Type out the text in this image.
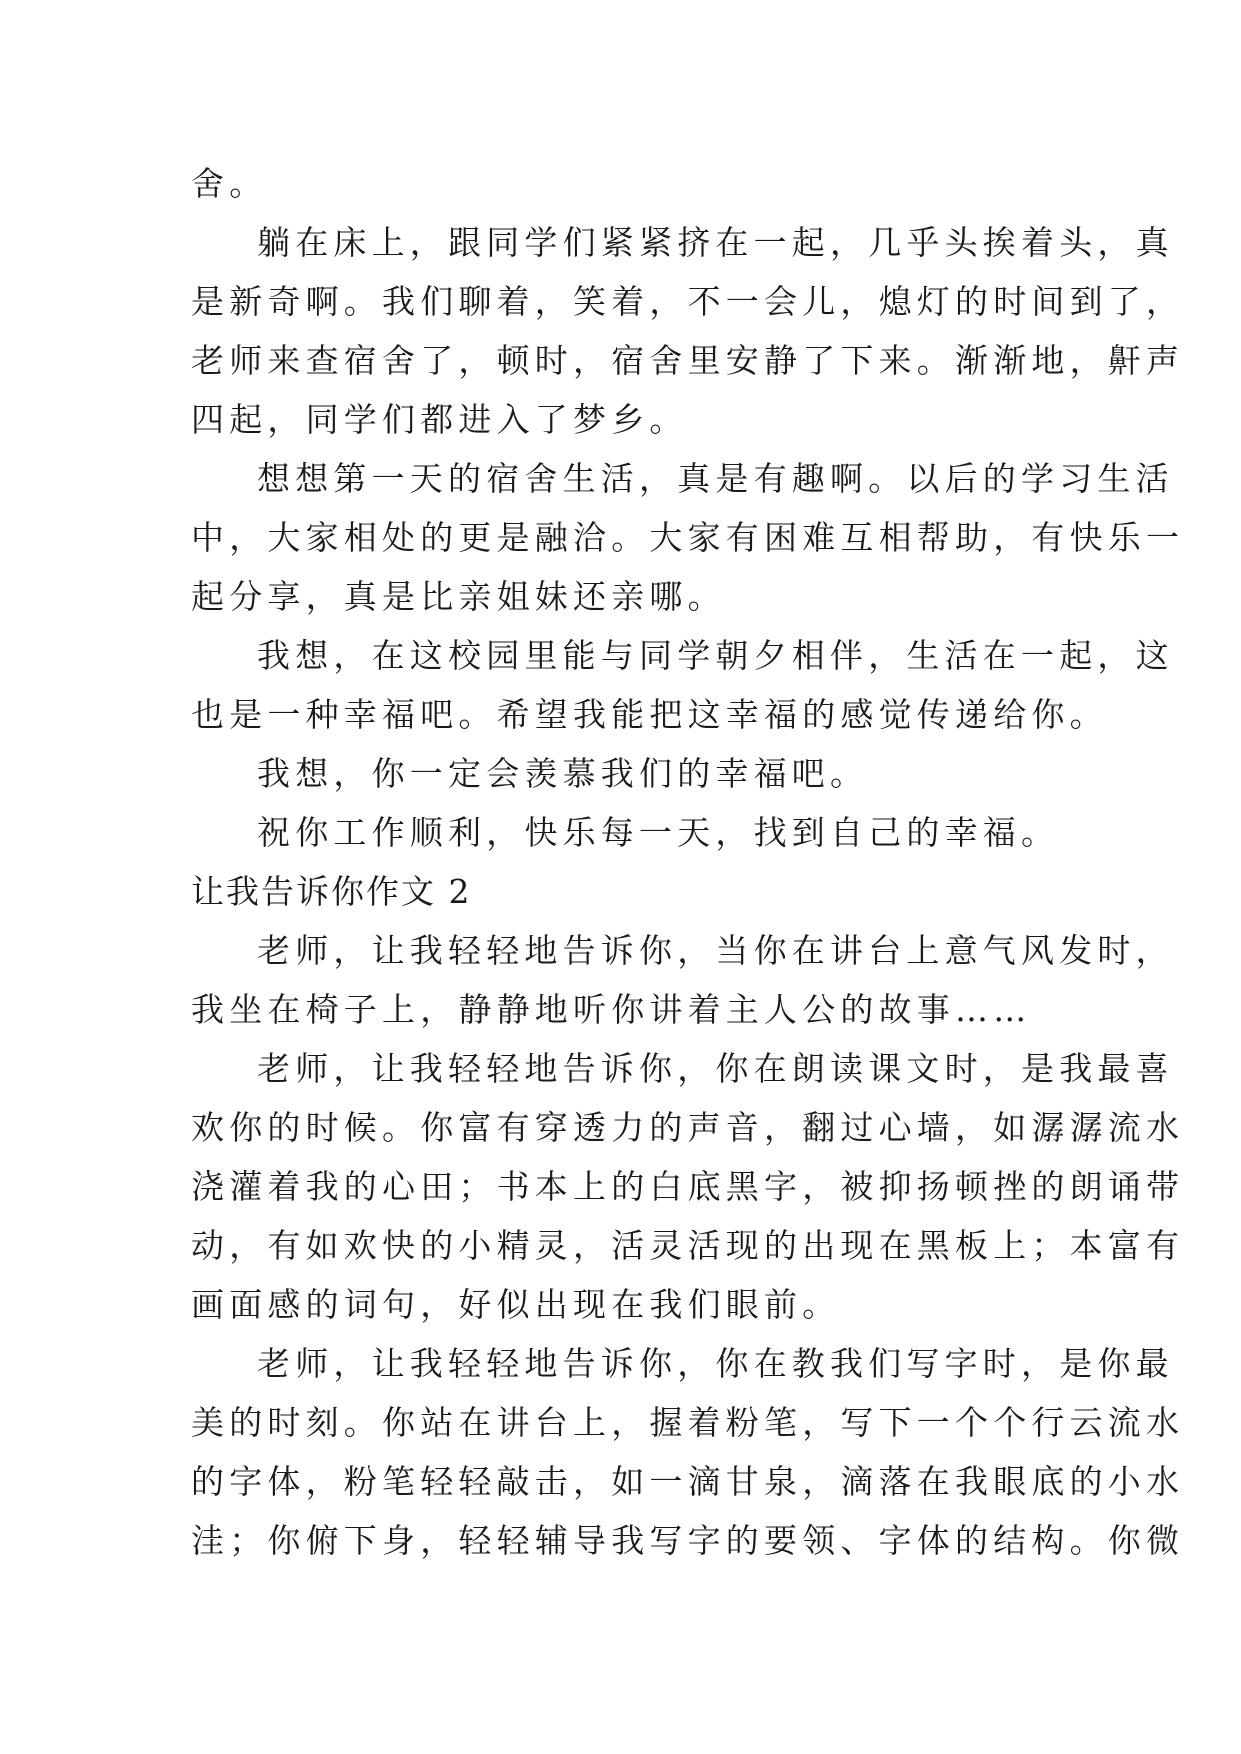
舍。
躺在床上，跟同学们紧紧挤在一起，几乎头挨着头，真
是新奇啊。我们聊着，笑着，不一会儿，熄灯的时间到了，
老师来查宿舍了，顿时，宿舍里安静了下来。渐渐地，鼾声
四起，同学们都进入了梦乡。
想想第一天的宿舍生活，真是有趣啊。以后的学习生活
中，大家相处的更是融洽。大家有困难互相帮助，有快乐一
起分享，真是比亲姐妹还亲哪。
我想，在这校园里能与同学朝夕相伴，生活在一起，这
也是一种幸福吧。希望我能把这幸福的感觉传递给你。
我想，你一定会羡慕我们的幸福吧。
祝你工作顺利，快乐每一天，找到自己的幸福。
让我告诉你作文 2
老师，让我轻轻地告诉你，当你在讲台上意气风发时，
我坐在椅子上，静静地听你讲着主人公的故事……
老师，让我轻轻地告诉你，你在朗读课文时，是我最喜
欢你的时候。你富有穿透力的声音，翻过心墙，如潺潺流水
浇灌着我的心田；书本上的白底黑字，被抑扬顿挫的朗诵带
动，有如欢快的小精灵，活灵活现的出现在黑板上；本富有
画面感的词句，好似出现在我们眼前。
老师，让我轻轻地告诉你，你在教我们写字时，是你最
美的时刻。你站在讲台上，握着粉笔，写下一个个行云流水
的字体，粉笔轻轻敲击，如一滴甘泉，滴落在我眼底的小水
洼；你俯下身，轻轻辅导我写字的要领、字体的结构。你微
